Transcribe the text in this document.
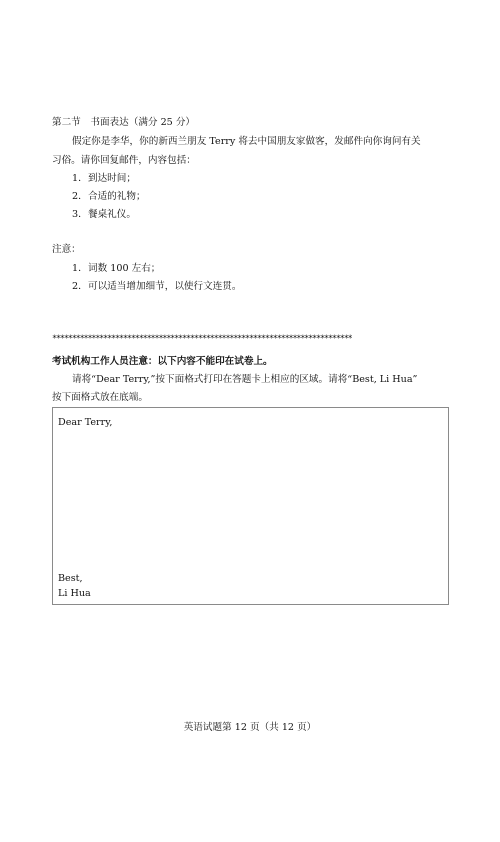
第二节　书面表达（满分 25 分）
假定你是李华，你的新西兰朋友 Terry 将去中国朋友家做客，发邮件向你询问有关
习俗。请你回复邮件，内容包括：
1．到达时间；
2．合适的礼物；
3．餐桌礼仪。
注意：
1．词数 100 左右；
2．可以适当增加细节，以使行文连贯。
****************************************************************************
考试机构工作人员注意：以下内容不能印在试卷上。
请将“Dear Terry,”按下面格式打印在答题卡上相应的区域。请将“Best, Li Hua”
按下面格式放在底端。
Dear Terry,
Best,
Li Hua
英语试题第 12 页（共 12 页）
